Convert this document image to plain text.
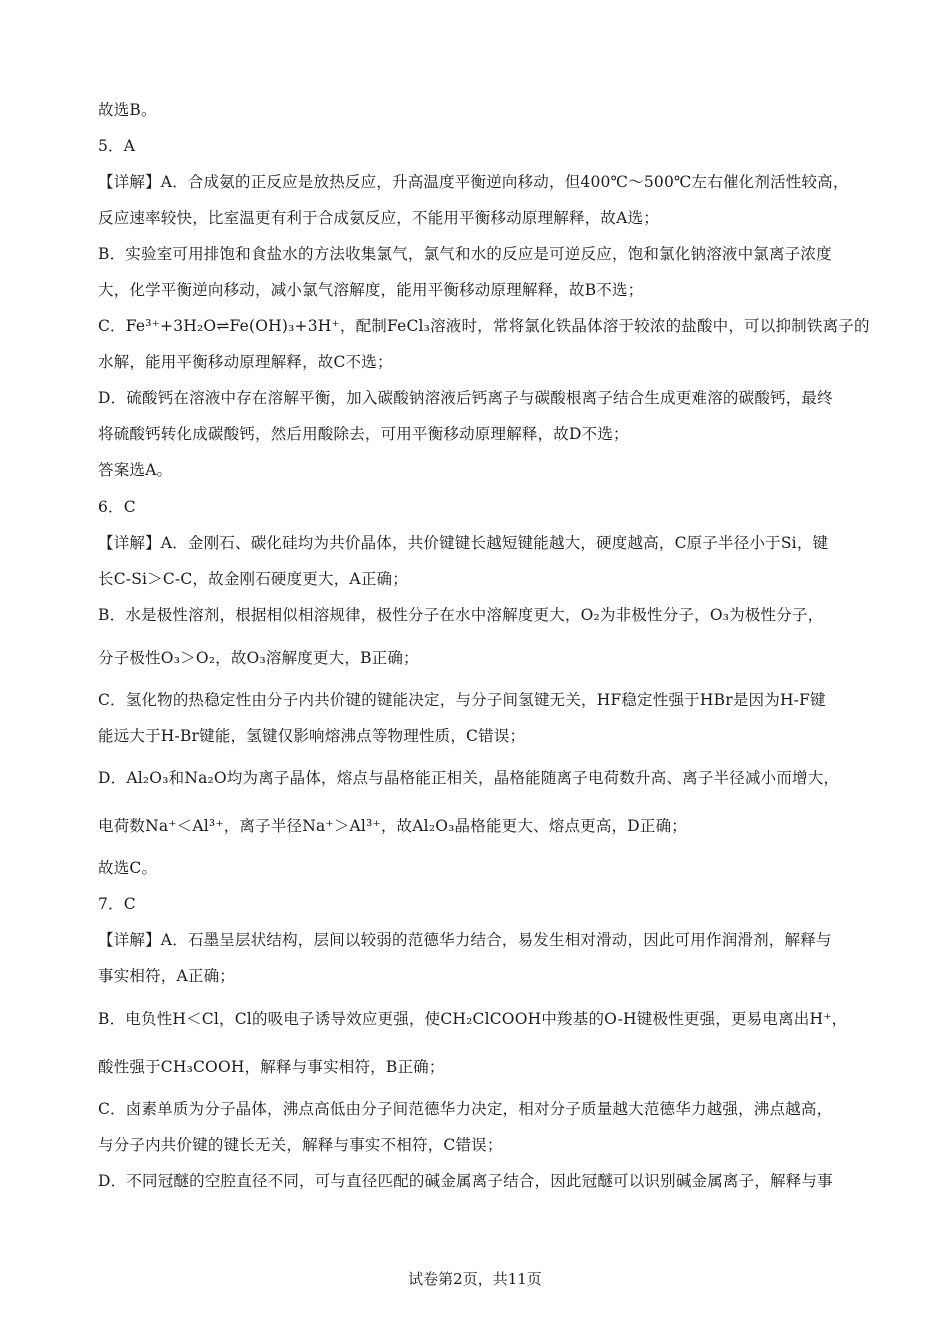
故选B。
5．A
【详解】A．合成氨的正反应是放热反应，升高温度平衡逆向移动，但400℃～500℃左右催化剂活性较高，
反应速率较快，比室温更有利于合成氨反应，不能用平衡移动原理解释，故A选；
B．实验室可用排饱和食盐水的方法收集氯气，氯气和水的反应是可逆反应，饱和氯化钠溶液中氯离子浓度
大，化学平衡逆向移动，减小氯气溶解度，能用平衡移动原理解释，故B不选；
C．Fe³⁺+3H₂O⇌Fe(OH)₃+3H⁺，配制FeCl₃溶液时，常将氯化铁晶体溶于较浓的盐酸中，可以抑制铁离子的
水解，能用平衡移动原理解释，故C不选；
D．硫酸钙在溶液中存在溶解平衡，加入碳酸钠溶液后钙离子与碳酸根离子结合生成更难溶的碳酸钙，最终
将硫酸钙转化成碳酸钙，然后用酸除去，可用平衡移动原理解释，故D不选；
答案选A。
6．C
【详解】A．金刚石、碳化硅均为共价晶体，共价键键长越短键能越大，硬度越高，C原子半径小于Si，键
长C-Si＞C-C，故金刚石硬度更大，A正确；
B．水是极性溶剂，根据相似相溶规律，极性分子在水中溶解度更大，O₂为非极性分子，O₃为极性分子，
分子极性O₃＞O₂，故O₃溶解度更大，B正确；
C．氢化物的热稳定性由分子内共价键的键能决定，与分子间氢键无关，HF稳定性强于HBr是因为H-F键
能远大于H-Br键能，氢键仅影响熔沸点等物理性质，C错误；
D．Al₂O₃和Na₂O均为离子晶体，熔点与晶格能正相关，晶格能随离子电荷数升高、离子半径减小而增大，
电荷数Na⁺＜Al³⁺，离子半径Na⁺＞Al³⁺，故Al₂O₃晶格能更大、熔点更高，D正确；
故选C。
7．C
【详解】A．石墨呈层状结构，层间以较弱的范德华力结合，易发生相对滑动，因此可用作润滑剂，解释与
事实相符，A正确；
B．电负性H＜Cl，Cl的吸电子诱导效应更强，使CH₂ClCOOH中羧基的O-H键极性更强，更易电离出H⁺，
酸性强于CH₃COOH，解释与事实相符，B正确；
C．卤素单质为分子晶体，沸点高低由分子间范德华力决定，相对分子质量越大范德华力越强，沸点越高，
与分子内共价键的键长无关，解释与事实不相符，C错误；
D．不同冠醚的空腔直径不同，可与直径匹配的碱金属离子结合，因此冠醚可以识别碱金属离子，解释与事
试卷第2页，共11页
